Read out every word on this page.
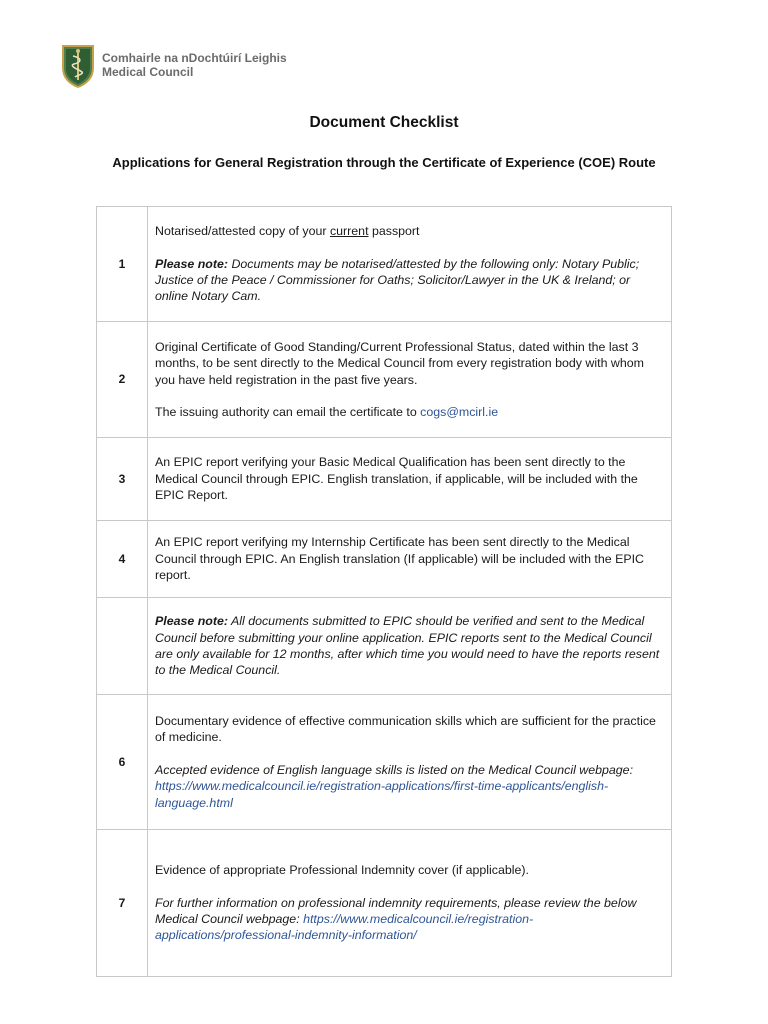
Comhairle na nDochtúirí Leighis
Medical Council
Document Checklist
Applications for General Registration through the Certificate of Experience (COE) Route
1	Notarised/attested copy of your current passport

Please note: Documents may be notarised/attested by the following only: Notary Public; Justice of the Peace / Commissioner for Oaths; Solicitor/Lawyer in the UK & Ireland; or online Notary Cam.

2	Original Certificate of Good Standing/Current Professional Status, dated within the last 3 months, to be sent directly to the Medical Council from every registration body with whom you have held registration in the past five years.

The issuing authority can email the certificate to cogs@mcirl.ie

3	An EPIC report verifying your Basic Medical Qualification has been sent directly to the Medical Council through EPIC. English translation, if applicable, will be included with the EPIC Report.

4	An EPIC report verifying my Internship Certificate has been sent directly to the Medical Council through EPIC. An English translation (If applicable) will be included with the EPIC report.

	Please note: All documents submitted to EPIC should be verified and sent to the Medical Council before submitting your online application. EPIC reports sent to the Medical Council are only available for 12 months, after which time you would need to have the reports resent to the Medical Council.

6	Documentary evidence of effective communication skills which are sufficient for the practice of medicine.

Accepted evidence of English language skills is listed on the Medical Council webpage: https://www.medicalcouncil.ie/registration-applications/first-time-applicants/english-language.html

7	Evidence of appropriate Professional Indemnity cover (if applicable).

For further information on professional indemnity requirements, please review the below Medical Council webpage: https://www.medicalcouncil.ie/registration-applications/professional-indemnity-information/
